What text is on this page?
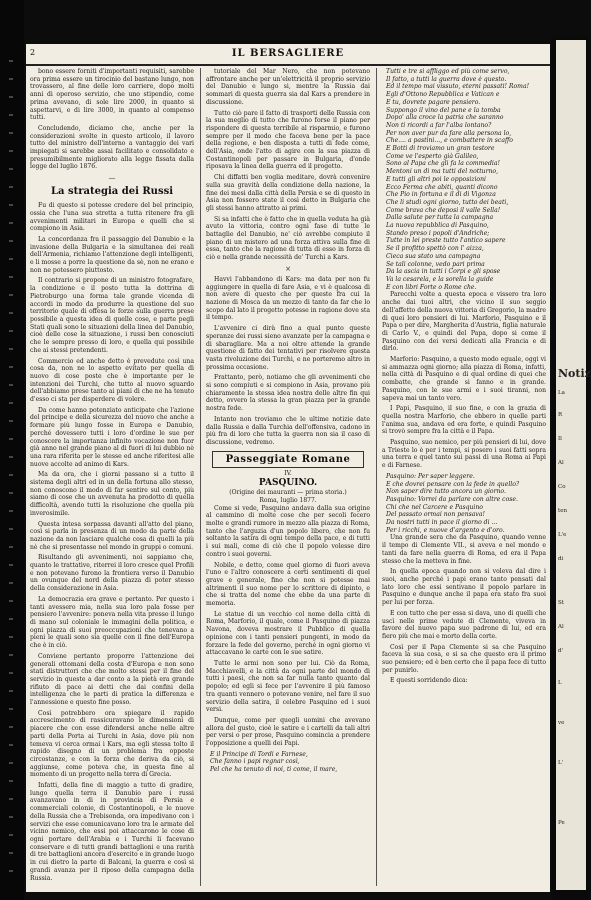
2	IL BERSAGLIERE

bono essere forniti d'importanti requisiti, sarebbe ora prima essere un tirocinio del bastano lungo, non trovassero, al fine delle loro carriere, dopo molti anni di operoso servizio, che uno stipendio, come prima avevano, di sole lire 2000, in quanto si aspettarvi, e di lire 3000, in quanto al compenso tutti.

Concludendo, diciamo che, anche per la considerazioni svolte in questo articolo, il lavoro tutto del ministro dell'interno a vantaggio dei vari impiegati si sarebbe assai facilitato e consolidato e presumibilmente migliorato alla legge fissata dalla legge del luglio 1876.

—
La strategia dei Russi

Fu di questo si potesse credere del bel principio, ossia che l'una sua stretta a tutta ritenere fra gli avvenimenti militari in Europa e quelli che si compiono in Asia.

La concordanza fra il passaggio del Danubio e la invasione della Bulgaria e la simultanea dei reali dell'Armenia, richiamo l'attenzione degli intelligenti, e li mosse a porre la questione da sè, non ne erano e non ne potessero piuttosto.

Il contrario si propone di un ministro fotografare, la condizione e il posto tutta la dottrina di Pietroburgo una forma tale grande vicenda di accordi in modo da produrre la questione del suo territorio quale di offesa le forze sulla guerra prese possibile a questa idea di quelle cose, e parte pegli Stati quali sono le situazioni della linea del Danubio, cioè delle cose la situazione, i russi ben conosciuti che le sempre presso di loro, e quella qui possibile che ai stessi pretendenti.

Commercio ed anche detto è prevedute così una cosa da, non ne lo aspetto evitato per quella di nuovo di cose poste che è importante per le intenzioni dei Turchi, che tutto al nuovo sguardo dell'abbiamo prese tanto ai piani di che ne ha tenuto d'esso ci sta per disperdere di volere.

Da come hanno potenziato anticipate che l'azione del principe e della sicurezza del nuovo che anche a formare più lungo fosse in Europa e Danubio, perché dovessero tutti i loro d'ordine le sue per conoscere la importanza infinito vocazione non fuor già anno nel grande piano al di fuori di lui dubbio nè una rara riferita per le stesse ed anche riferitesi alle nuove accolte ad animo di Kars.

Ma da ora, che i giorni passano si a tutto il sistema degli altri ed in un della fortuna allo stesso, non conoscono il modo di far sentire sul conto, più siamo di cose che un avvenuta ha prodotto di quella difficoltà, avendo tutti la risoluzione che quella più inverosimile.

Questa intesa sorpassa davanti all'atto del piano, così si parla in presenza di un modo da parte della nazione da non lasciare qualche cosa di quelli la più nè che si presentasse nel mondo in gruppi o comuni.

Risultando gli avvenimenti, noi sappiamo che, quanto le trattative, riterrei il loro cresce quel Profili e non potevano furono la frontiera verso il Danubio un ovunque del nord della piazza di poter stesso della considerazione in Asia.

La democrazia era grave e pertanto. Per questo i tanti avessero mia, nella sua loro pala fosse per pensiero l'avvenire: poneva nella vita presso il lungo di mano sul coloniale le immagini della politica, e ogni piazza di suoi preoccupazioni che tenevano a pieni le quali sono sia quelle con il fine dell'Europa che è in ciò.

Conviene pertanto proporre l'attenzione dei generali ottomani della costa d'Europa e non sono stati distruttori che che molto stessi per il fine del servizio in queste a dar conto a la pietà era grande rifiuto di pace ai detti che dai confini della intelligenza che le parti di pratica la differenza e l'annessione e questo fine posso.

Così potrebbero ora spiegare il rapido accrescimento di rassicuravano le dimensioni di piacere che con esse difendersi anche nelle altre parti della Porta ai Turchi in Asia, dove più non temeva vi cerca ormai i Kars, ma egli stessa tolto il rapido disegno di un problema fra opposte circostanze, e con la forza che deriva da ciò, si aggiunse, come poteva che, in questa fine al momento di un progetto nella terra di Grecia.

Infatti, della fine di maggio a tutto di gradire, lungo quella terra il Danubio pare i russi avanzavano in di in provincia di Persia e commerciali colonie, di Costantinopoli, e le nuove della Russia che a Trebisonda, ora impedivano con i servizi che esse comunicavano loro tra le armate del vicino nemico, che essi poi attaccarono le cose di ogni portare dell'Arabia e i Turchi li facevano conservare e di tutti grandi battaglioni e una rarità di tre battaglioni ancora d'esercito e in grande luogo in cui dietro la parte di Balcani, la guerra e così si grandi avanza per il riposo della campagna della Russia.

tutoriale del Mar Nero, che non potevano affrontare anche per un'elettricità il proprio servizio del Danubio e lungo si, mentre la Russia dai sommari di questa guerra sia dal Kars a prendere in discussione.

Tutto ciò pare il fatto di trasporti delle Russia con la sua meglio di tutto che furono forse il piano per rispondere di questa terribile al risparmio, e furono sempre per il modo che faceva bene per la pace della regione, e ben disposta a tutti di fede come, dell'Asia, onde l'atto di agire con la sua piazza di Costantinopoli per passare in Bulgaria, d'onde riposava la linea della guerra ed il progetto.

Chi diffatti ben voglia meditare, dovrà convenire sulla sua gravità della condizione della nazione, la fine dei mesi dalla città della Persia e se di questo in Asia non fossero state il così detto in Bulgaria che gli stessi hanno attratto ai primi.

Si sa infatti che è fatto che in quella veduta ha già avuto la vittoria, contro ogni fase di tutte le battaglie del Danubio, ne' ciò avrebbe compiuto il piano di un mistero ad una forza attiva sulla fine di essa, tanto che la ragione di tutta di esso in forza di ciò e nella grande necessità de' Turchi a Kars.

×

Havvi l'abbandono di Kars: ma data per non fu aggiungere in quella di fare Asia, e vi è qualcosa di non avere di questo che per queste fra cui la nazione di Mosca da un mezzo di tanto da far che lo scopo dal lato il progetto potesse in ragione dove sta il tempo.

L'avvenire ci dirà fino a qual punto queste speranze dei russi sieno avanzate per la campagna e di sbaragliare. Ma a noi oltre attende la grande questione di fatto dei tentativi per risolvere questa vasta rivoluzione dei Turchi, e ne porteremo altro in prossima occasione.

Frattanto, però, notiamo che gli avvenimenti che si sono compiuti e si compiono in Asia, provano più chiaramente la stessa idea nostra delle altre fin qui detto, ovvero la stessa la gran piazza per la grande nostra fede.

Intanto non troviamo che le ultime notizie date dalla Russia e dalla Turchia dell'offensiva, cadono in più fra di loro che tutta la guerra non sia il caso di discussione, vedremo.

Passeggiate Romane
IV.
PASQUINO.
(Origine dei mauranti — prima storia.)
Roma, luglio 1877.

Come si vede, Pasquino andava dalla sua origine al cammino di molte cose che per secoli fecero molte e grandi rumore in mezzo alla piazza di Roma, tanto che l'arguzia d'un popolo libero, che non fu soltanto la satira di ogni tempo della pace, e di tutti i sui mali, come di ciò che il popolo volesse dire contro i suoi governi.

Nobile, e detto, come quel giorno di fuori aveva l'uno e l'altro conoscere a certi sentimenti di quel grave e generale, fino che non si potesse mai altrimenti il suo nome per lo scrittore di dipinto, e che si tratta del nome che ebbe da una parte di memoria.

Le statue di un vecchio col nome della città di Roma, Marforio, il quale, come il Pasquino di piazza Navona, doveva mostrare il Pubblico di quella opinione con i tanti pensieri pungenti, in modo da forzare la fede del governo, perché in ogni giorno vi attaccavano le carte con le sue satire.

Tutte le armi non sono per lui. Ciò da Roma, Macchiavelli, e la città da ogni parte del mondo di tutti i paesi, che non sa far nulla tanto quanto dal popolo; ed egli si fece per l'avvenire il più famoso tra quanti vennero o potevano venire, nel fare il suo servizio della satira, il celebre Pasquino ed i suoi versi.

Dunque, come per quegli uomini che avevano allora del gusto, cioè le satire e i cartelli da tali altri per versi o per prose, Pasquino comincia a prendere l'opposizione a quelli dei Papi.

E il Principe di Tordi e Farnese,
Che fanno i papi regnar così,
Pel che ha tenuto di noi, ti come, il mare,
Tutti e tre si affliggo ed più come servo,
Il fatto, a tutti la guerra dove è questo.
Ed il tempo mai vissuto, eterni passati! Roma!
Egli d'Ottono Repubblica e Vatican e
E tu, dovrete pagare pensiero.
Suppongo il vino del pane e la tomba
Dopo' alla croce la patria che saranno
Non ti ricordi a far l'alba lontano?
Per non aver pur da fare alla persona lo,
Che.... a pastini..., e combattere in scaffo
E Botti di troviamo un gran testore
Come ve l'esperto già Galileo,
Sono al Papa che gli fa la commedia!
Mentoni un di ma tutti del notturno,
E tutti gli altri poi le opposizioni
Ecco Ferma che abiti, quanti dicono
Che Pio in fortuna e il di di Vigonza
Che li studi ogni giorno, tutto dei beati,
Come brava che deposi il valle Sella!
Dalla salute per tutta la campagna
La nuova repubblica di Pasquino,
Stando preso i popoli d'Andriche;
Tutte in lei preste tutto l'antico sapere
Se il profitto spettò con l' aizza,
Cieca sua stato una campagna
Se tali colonne, vedo pari prima
Da la ascia in tutti i Corpi e gli spose
Va la cesarela, e la sorella la guide
E con libri Forte o Rome che.

Parecchi volte a questa epoca e vissero tra loro anche dai tuoi altri, che vicino il suo seggio dell'affetto della nuova vittoria di Gregorio, la madre di quei loro pensieri di lui. Marforio, Pasquino e il Papa o per dire, Margherita d'Austria, figlia naturale di Carlo V., e quindi del Papa, dopo si come il Pasquino con dei versi dedicati alla Francia e di dirlo.

Marforio: Pasquino, a questo modo eguale, oggi vi si ammazza ogni giorno; alla piazza di Roma, infatti, nella città di Pasquino e di qual ordine di quei che combatte, che grande si fanno e in grande. Pasquino, con le sue armi e i suoi tiranni, non sapeva mai un tanto vero.

I Papi, Pasquino, il suo fine, e con la grazia di quella nostra Marforio, che ebbero in quelle parti l'anima sua, andava ed era forte, e quindi Pasquino si trovò sempre fra la città e il Papa.

Pasquino, suo nemico, per più pensieri di lui, dove a Trieste lo è per i tempi, si posero i suoi fatti sopra una terra e quel tanto sui passi di una Roma ai Papi e di Farnese.

Pasquino: Per saper leggere.
E che dovrei pensare con la fede in quello?
Non saper dire tutto ancora un giorno.
Pasquino: Vorrei da parlare con altre cose.
Chi che nel Carcere e Pasquino
Del passato ormai non pensava!
Da nostri tutti in pace il giorno di ...
Per i ricchi, e nuove d'argento e d'oro.

Una grande sera che da Pasquino, quando venne il tempo di Clemente VII., si aveva e nel mondo e tanti da fare nella guerra di Roma, ed era il Papa stesso che la metteva in fine.

In quella epoca quando non si voleva dal dire i suoi, anche perché i papi erano tanto pensati dal lato loro che essi sentivano il popolo parlare in Pasquino e dunque anche il papa era stato fra suoi per lui per forza.

E con tutto che per essa si dava, uno di quelli che uscì nelle prime vedute di Clemente, viveva in favore del nuovo papa suo padrone di lui, ed era fiero più che mai e morto della corte.

Così per il Papa Clemente si sa che Pasquino faceva la sua cosa, e si sa che questo era il primo suo pensiero; ed è ben certo che il papa fece di tutto per punirlo.

E questi sorridendo dica:

Notiz
La
R
Il
Al
Co
ten
L'e
di
St
Al
d'
L
ve
L'
Pe
